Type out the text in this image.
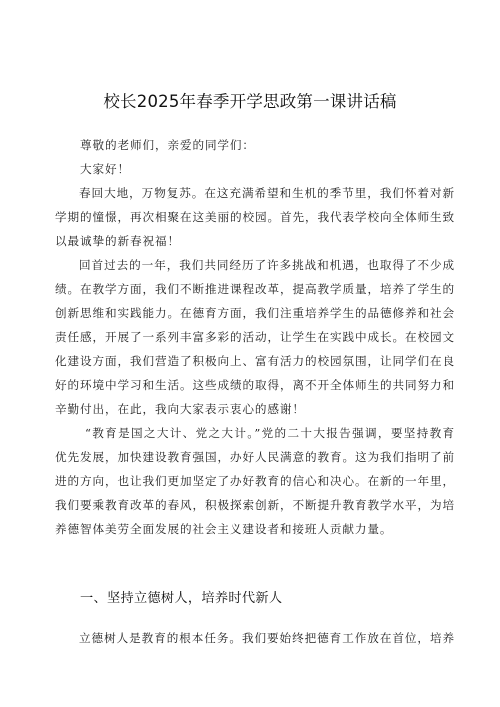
校长2025年春季开学思政第一课讲话稿
尊敬的老师们，亲爱的同学们：
大家好！
春回大地，万物复苏。在这充满希望和生机的季节里，我们怀着对新
学期的憧憬，再次相聚在这美丽的校园。首先，我代表学校向全体师生致
以最诚挚的新春祝福！
回首过去的一年，我们共同经历了许多挑战和机遇，也取得了不少成
绩。在教学方面，我们不断推进课程改革，提高教学质量，培养了学生的
创新思维和实践能力。在德育方面，我们注重培养学生的品德修养和社会
责任感，开展了一系列丰富多彩的活动，让学生在实践中成长。在校园文
化建设方面，我们营造了积极向上、富有活力的校园氛围，让同学们在良
好的环境中学习和生活。这些成绩的取得，离不开全体师生的共同努力和
辛勤付出，在此，我向大家表示衷心的感谢！
“教育是国之大计、党之大计。”党的二十大报告强调，要坚持教育
优先发展，加快建设教育强国，办好人民满意的教育。这为我们指明了前
进的方向，也让我们更加坚定了办好教育的信心和决心。在新的一年里，
我们要乘教育改革的春风，积极探索创新，不断提升教育教学水平，为培
养德智体美劳全面发展的社会主义建设者和接班人贡献力量。
一、坚持立德树人，培养时代新人
立德树人是教育的根本任务。我们要始终把德育工作放在首位，培养
